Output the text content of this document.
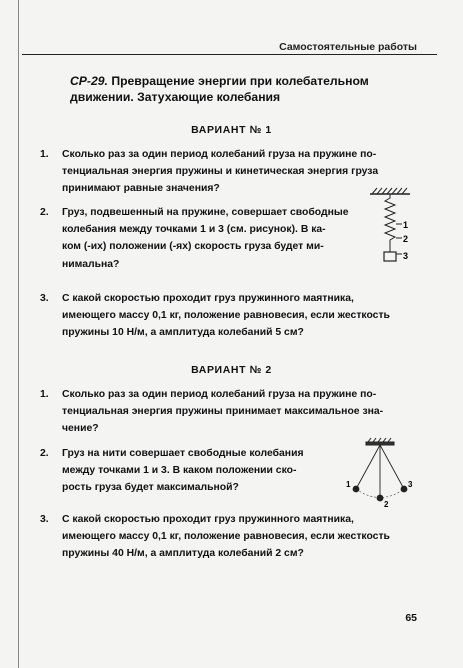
Самостоятельные работы
СР-29. Превращение энергии при колебательном
движении. Затухающие колебания
ВАРИАНТ № 1
1. Сколько раз за один период колебаний груза на пружине по-
тенциальная энергия пружины и кинетическая энергия груза
принимают равные значения?
2. Груз, подвешенный на пружине, совершает свободные
колебания между точками 1 и 3 (см. рисунок). В ка-
ком (-их) положении (-ях) скорость груза будет ми-
нимальна?
1
2
3
3. С какой скоростью проходит груз пружинного маятника,
имеющего массу 0,1 кг, положение равновесия, если жесткость
пружины 10 Н/м, а амплитуда колебаний 5 см?
ВАРИАНТ № 2
1. Сколько раз за один период колебаний груза на пружине по-
тенциальная энергия пружины принимает максимальное зна-
чение?
2. Груз на нити совершает свободные колебания
между точками 1 и 3. В каком положении ско-
рость груза будет максимальной?	1
2
3
3. С какой скоростью проходит груз пружинного маятника,
имеющего массу 0,1 кг, положение равновесия, если жесткость
пружины 40 Н/м, а амплитуда колебаний 2 см?
65
